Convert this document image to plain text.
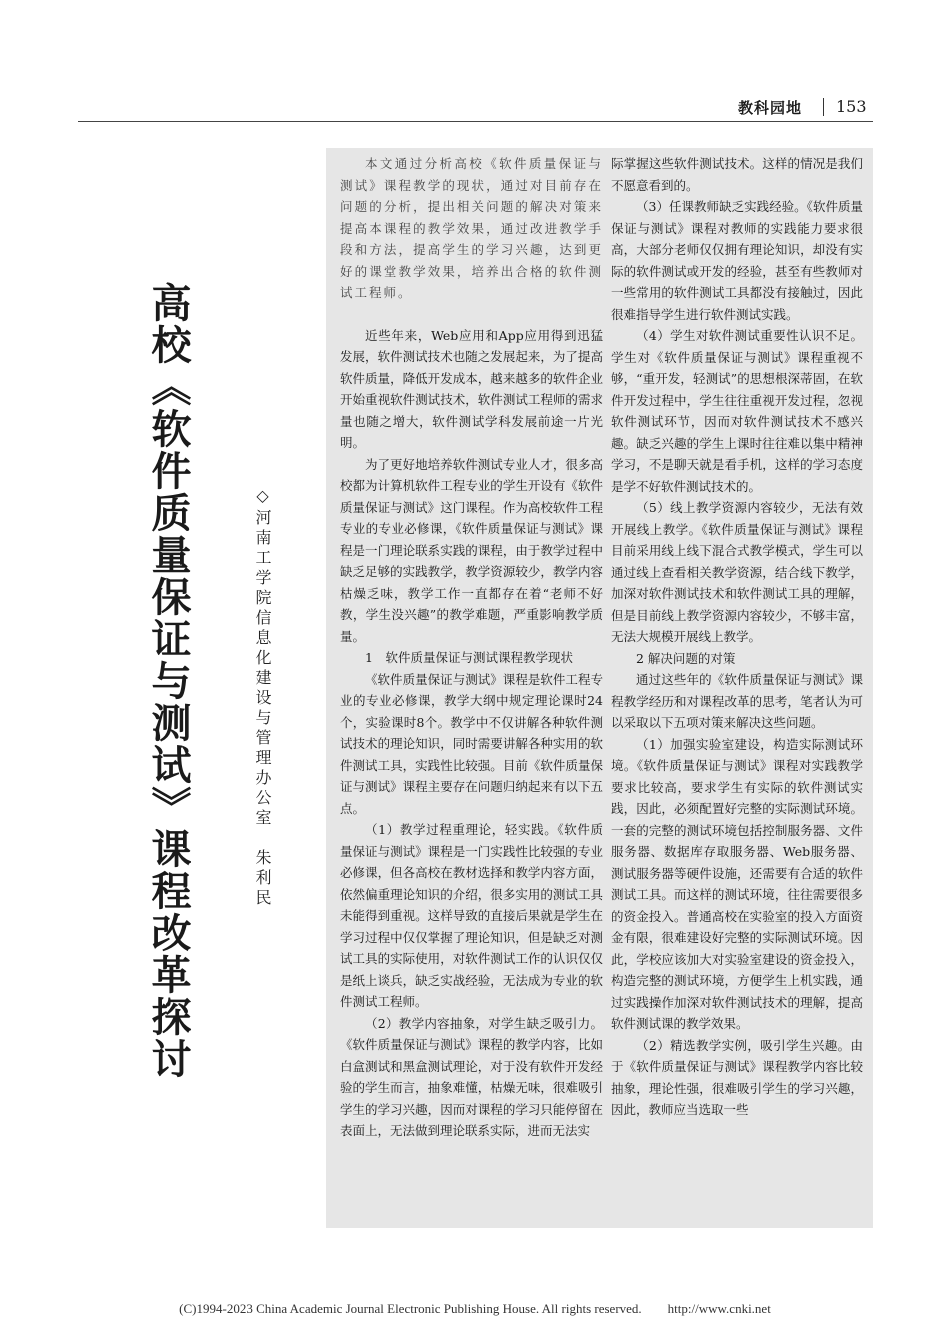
教科园地 153
高校《软件质量保证与测试》课程改革探讨	◇河南工学院信息化建设与管理办公室　朱利民

本文通过分析高校《软件质量保证与测试》课程教学的现状，通过对目前存在问题的分析，提出相关问题的解决对策来提高本课程的教学效果，通过改进教学手段和方法，提高学生的学习兴趣，达到更好的课堂教学效果，培养出合格的软件测试工程师。

近些年来，Web应用和App应用得到迅猛发展，软件测试技术也随之发展起来，为了提高软件质量，降低开发成本，越来越多的软件企业开始重视软件测试技术，软件测试工程师的需求量也随之增大，软件测试学科发展前途一片光明。

为了更好地培养软件测试专业人才，很多高校都为计算机软件工程专业的学生开设有《软件质量保证与测试》这门课程。作为高校软件工程专业的专业必修课，《软件质量保证与测试》课程是一门理论联系实践的课程，由于教学过程中缺乏足够的实践教学，教学资源较少，教学内容枯燥乏味，教学工作一直都存在着“老师不好教，学生没兴趣”的教学难题，严重影响教学质量。

1　软件质量保证与测试课程教学现状

《软件质量保证与测试》课程是软件工程专业的专业必修课，教学大纲中规定理论课时24个，实验课时8个。教学中不仅讲解各种软件测试技术的理论知识，同时需要讲解各种实用的软件测试工具，实践性比较强。目前《软件质量保证与测试》课程主要存在问题归纳起来有以下五点。

（1）教学过程重理论，轻实践。《软件质量保证与测试》课程是一门实践性比较强的专业必修课，但各高校在教材选择和教学内容方面，依然偏重理论知识的介绍，很多实用的测试工具未能得到重视。这样导致的直接后果就是学生在学习过程中仅仅掌握了理论知识，但是缺乏对测试工具的实际使用，对软件测试工作的认识仅仅是纸上谈兵，缺乏实战经验，无法成为专业的软件测试工程师。

（2）教学内容抽象，对学生缺乏吸引力。《软件质量保证与测试》课程的教学内容，比如白盒测试和黑盒测试理论，对于没有软件开发经验的学生而言，抽象难懂，枯燥无味，很难吸引学生的学习兴趣，因而对课程的学习只能停留在表面上，无法做到理论联系实际，进而无法实

际掌握这些软件测试技术。这样的情况是我们不愿意看到的。

（3）任课教师缺乏实践经验。《软件质量保证与测试》课程对教师的实践能力要求很高，大部分老师仅仅拥有理论知识，却没有实际的软件测试或开发的经验，甚至有些教师对一些常用的软件测试工具都没有接触过，因此很难指导学生进行软件测试实践。

（4）学生对软件测试重要性认识不足。学生对《软件质量保证与测试》课程重视不够，“重开发，轻测试”的思想根深蒂固，在软件开发过程中，学生往往重视开发过程，忽视软件测试环节，因而对软件测试技术不感兴趣。缺乏兴趣的学生上课时往往难以集中精神学习，不是聊天就是看手机，这样的学习态度是学不好软件测试技术的。

（5）线上教学资源内容较少，无法有效开展线上教学。《软件质量保证与测试》课程目前采用线上线下混合式教学模式，学生可以通过线上查看相关教学资源，结合线下教学，加深对软件测试技术和软件测试工具的理解，但是目前线上教学资源内容较少，不够丰富，无法大规模开展线上教学。

2 解决问题的对策

通过这些年的《软件质量保证与测试》课程教学经历和对课程改革的思考，笔者认为可以采取以下五项对策来解决这些问题。

（1）加强实验室建设，构造实际测试环境。《软件质量保证与测试》课程对实践教学要求比较高，要求学生有实际的软件测试实践，因此，必须配置好完整的实际测试环境。一套的完整的测试环境包括控制服务器、文件服务器、数据库存取服务器、Web服务器、测试服务器等硬件设施，还需要有合适的软件测试工具。而这样的测试环境，往往需要很多的资金投入。普通高校在实验室的投入方面资金有限，很难建设好完整的实际测试环境。因此，学校应该加大对实验室建设的资金投入，构造完整的测试环境，方便学生上机实践，通过实践操作加深对软件测试技术的理解，提高软件测试课的教学效果。

（2）精选教学实例，吸引学生兴趣。由于《软件质量保证与测试》课程教学内容比较抽象，理论性强，很难吸引学生的学习兴趣，因此，教师应当选取一些

(C)1994-2023 China Academic Journal Electronic Publishing House. All rights reserved.　　http://www.cnki.net
